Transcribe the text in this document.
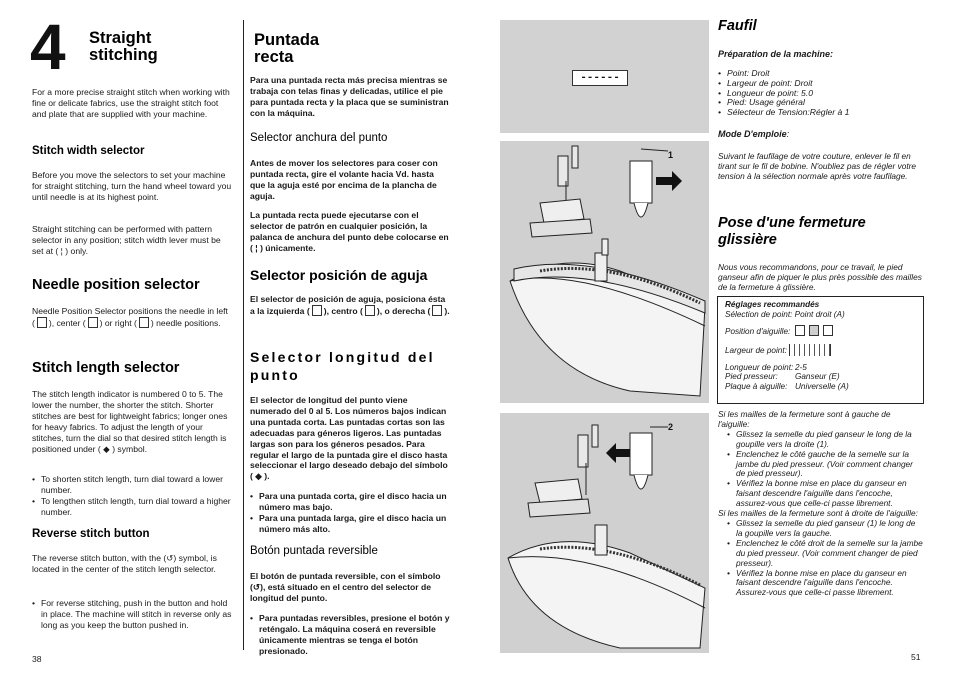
4 Straight
stitching

For a more precise straight stitch when working with fine or delicate fabrics, use the straight stitch foot and plate that are supplied with your machine.

Stitch width selector

Before you move the selectors to set your machine for straight stitching, turn the hand wheel toward you until needle is at its highest point.

Straight stitching can be performed with pattern selector in any position; stitch width lever must be set at ( ¦ ) only.

Needle position selector

Needle Position Selector positions the needle in left ( ), center ( ) or right ( ) needle positions.

Stitch length selector

The stitch length indicator is numbered 0 to 5. The lower the number, the shorter the stitch. Shorter stitches are best for lightweight fabrics; longer ones for heavy fabrics. To adjust the length of your stitches, turn the dial so that desired stitch length is positioned under ( ◆ ) symbol.

• To shorten stitch length, turn dial toward a lower number.
• To lengthen stitch length, turn dial toward a higher number.
Reverse stitch button

The reverse stitch button, with the (↺) symbol, is located in the center of the stitch length selector.

• For reverse stitching, push in the button and hold in place. The machine will stitch in reverse only as long as you keep the button pushed in.
38
Puntada
recta

Para una puntada recta más precisa mientras se trabaja con telas finas y delicadas, utilice el pie para puntada recta y la placa que se suministran con la máquina.

Selector anchura del punto

Antes de mover los selectores para coser con puntada recta, gire el volante hacia Vd. hasta que la aguja esté por encima de la plancha de aguja.

La puntada recta puede ejecutarse con el selector de patrón en cualquier posición, la palanca de anchura del punto debe colocarse en ( ¦ ) únicamente.

Selector posición de aguja

El selector de posición de aguja, posiciona ésta a la izquierda ( ), centro ( ), o derecha ( ).

Selector longitud del punto

El selector de longitud del punto viene numerado del 0 al 5. Los números bajos indican una puntada corta. Las puntadas cortas son las adecuadas para géneros ligeros. Las puntadas largas son para los géneros pesados. Para regular el largo de la puntada gire el disco hasta seleccionar el largo deseado debajo del símbolo ( ◆ ).

• Para una puntada corta, gire el disco hacia un número mas bajo.
• Para una puntada larga, gire el disco hacia un número más alto.
Botón puntada reversible

El botón de puntada reversible, con el símbolo (↺), está situado en el centro del selector de longitud del punto.

• Para puntadas reversibles, presione el botón y reténgalo. La máquina coserá en reversible únicamente mientras se tenga el botón presionado.
------
1
2
Faufil

Préparation de la machine:

• Point: Droit
• Largeur de point: Droit
• Longueur de point: 5.0
• Pied: Usage général
• Sélecteur de Tension:Régler à 1

Mode D'emploie:

Suivant le faufilage de votre couture, enlever le fil en tirant sur le fil de bobine. N'oubliez pas de régler votre tension à la sélection normale après votre faufilage.

Pose d'une fermeture
glissière

Nous vous recommandons, pour ce travail, le pied ganseur afin de piquer le plus près possible des mailles de la fermeture à glissière.

Réglages recommandés
Sélection de point: Point droit (A)
Position d'aiguille:
Largeur de point:
Longueur de point: 2-5
Pied presseur: Ganseur (E)
Plaque à aiguille: Universelle (A)

Si les mailles de la fermeture sont à gauche de l'aiguille:

• Glissez la semelle du pied ganseur le long de la goupille vers la droite (1).
• Enclenchez le côté gauche de la semelle sur la jambe du pied presseur. (Voir comment changer de pied presseur).
• Vérifiez la bonne mise en place du ganseur en faisant descendre l'aiguille dans l'encoche, assurez-vous que celle-ci passe librement.

Si les mailles de la fermeture sont à droite de l'aiguille:

• Glissez la semelle du pied ganseur (1) le long de la goupille vers la gauche.
• Enclenchez le côté droit de la semelle sur la jambe du pied presseur. (Voir comment changer de pied presseur).
• Vérifiez la bonne mise en place du ganseur en faisant descendre l'aiguille dans l'encoche. Assurez-vous que celle-ci passe librement.
51
